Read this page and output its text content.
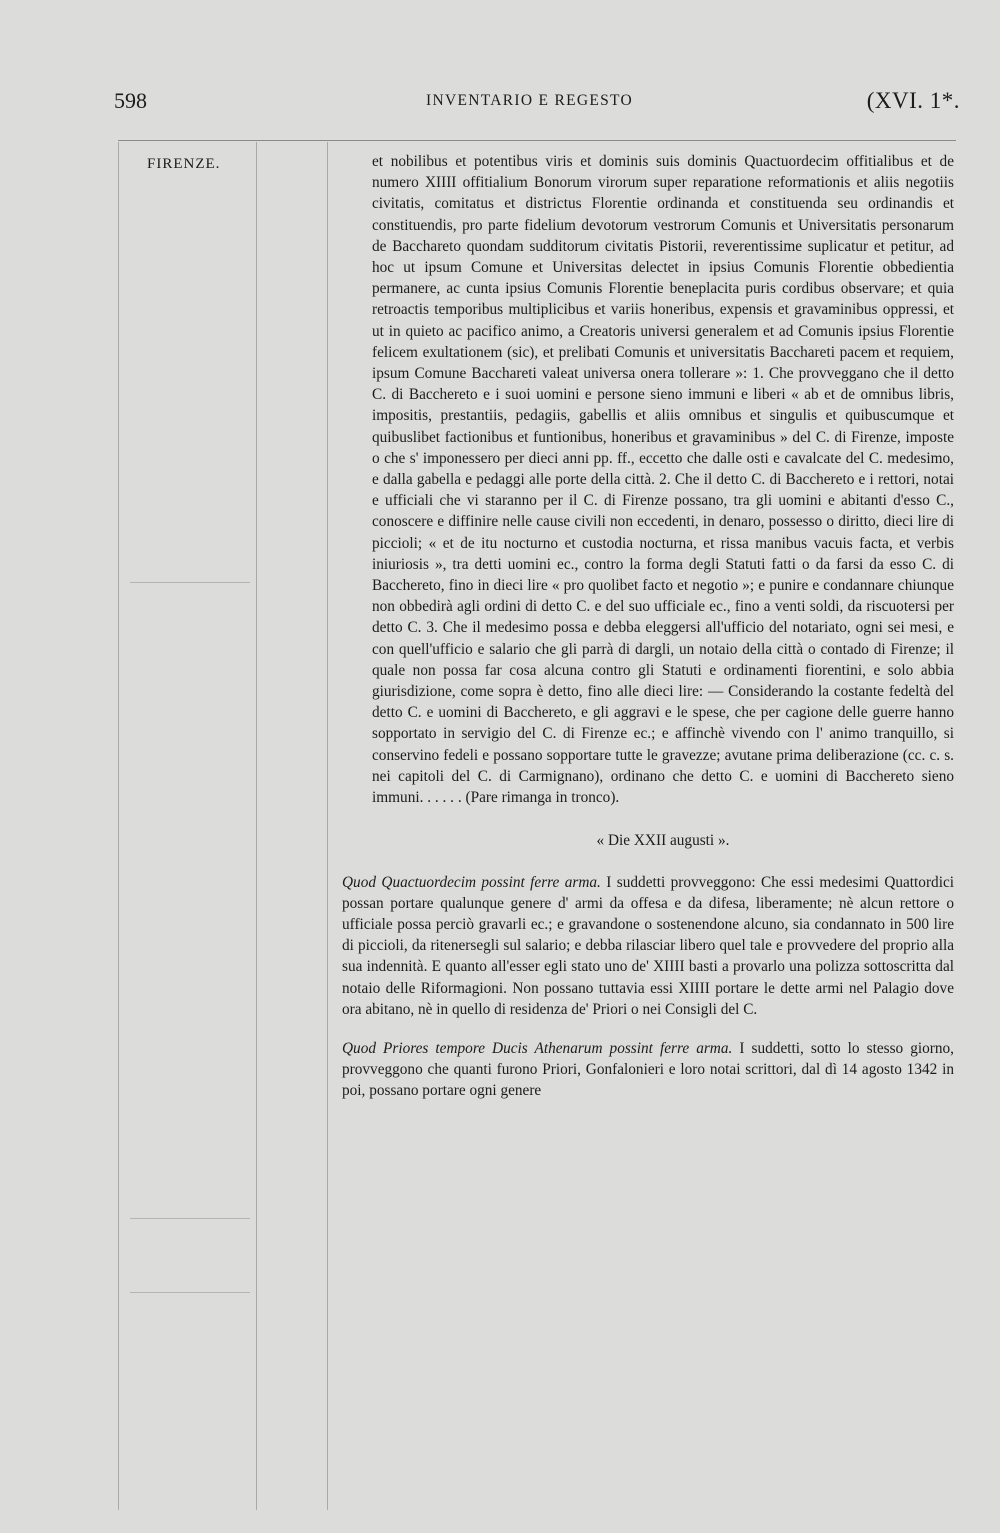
598	INVENTARIO E REGESTO	(XVI. 1*.
FIRENZE.	et nobilibus et potentibus viris et dominis suis dominis Quactuordecim offitialibus et de numero XIIII offitialium Bonorum virorum super reparatione reformationis et aliis negotiis civitatis, comitatus et districtus Florentie ordinanda et constituenda seu ordinandis et constituendis, pro parte fidelium devotorum vestrorum Comunis et Universitatis personarum de Bacchareto quondam sudditorum civitatis Pistorii, reverentissime suplicatur et petitur, ad hoc ut ipsum Comune et Universitas delectet in ipsius Comunis Florentie obbedientia permanere, ac cunta ipsius Comunis Florentie beneplacita puris cordibus observare; et quia retroactis temporibus multiplicibus et variis honeribus, expensis et gravaminibus oppressi, et ut in quieto ac pacifico animo, a Creatoris universi generalem et ad Comunis ipsius Florentie felicem exultationem (sic), et prelibati Comunis et universitatis Bacchareti pacem et requiem, ipsum Comune Bacchareti valeat universa onera tollerare »: 1. Che provveggano che il detto C. di Bacchereto e i suoi uomini e persone sieno immuni e liberi « ab et de omnibus libris, impositis, prestantiis, pedagiis, gabellis et aliis omnibus et singulis et quibuscumque et quibuslibet factionibus et funtionibus, honeribus et gravaminibus » del C. di Firenze, imposte o che s' imponessero per dieci anni pp. ff., eccetto che dalle osti e cavalcate del C. medesimo, e dalla gabella e pedaggi alle porte della città. 2. Che il detto C. di Bacchereto e i rettori, notai e ufficiali che vi staranno per il C. di Firenze possano, tra gli uomini e abitanti d'esso C., conoscere e diffinire nelle cause civili non eccedenti, in denaro, possesso o diritto, dieci lire di piccioli; « et de itu nocturno et custodia nocturna, et rissa manibus vacuis facta, et verbis iniuriosis », tra detti uomini ec., contro la forma degli Statuti fatti o da farsi da esso C. di Bacchereto, fino in dieci lire « pro quolibet facto et negotio »; e punire e condannare chiunque non obbedirà agli ordini di detto C. e del suo ufficiale ec., fino a venti soldi, da riscuotersi per detto C. 3. Che il medesimo possa e debba eleggersi all'ufficio del notariato, ogni sei mesi, e con quell'ufficio e salario che gli parrà di dargli, un notaio della città o contado di Firenze; il quale non possa far cosa alcuna contro gli Statuti e ordinamenti fiorentini, e solo abbia giurisdizione, come sopra è detto, fino alle dieci lire: — Considerando la costante fedeltà del detto C. e uomini di Bacchereto, e gli aggravi e le spese, che per cagione delle guerre hanno sopportato in servigio del C. di Firenze ec.; e affinchè vivendo con l' animo tranquillo, si conservino fedeli e possano sopportare tutte le gravezze; avutane prima deliberazione (cc. c. s. nei capitoli del C. di Carmignano), ordinano che detto C. e uomini di Bacchereto sieno immuni. . . . . . (Pare rimanga in tronco).

« Die XXII augusti ».

Quod Quactuordecim possint ferre arma. I suddetti provveggono: Che essi medesimi Quattordici possan portare qualunque genere d' armi da offesa e da difesa, liberamente; nè alcun rettore o ufficiale possa perciò gravarli ec.; e gravandone o sostenendone alcuno, sia condannato in 500 lire di piccioli, da ritenersegli sul salario; e debba rilasciar libero quel tale e provvedere del proprio alla sua indennità. E quanto all'esser egli stato uno de' XIIII basti a provarlo una polizza sottoscritta dal notaio delle Riformagioni. Non possano tuttavia essi XIIII portare le dette armi nel Palagio dove ora abitano, nè in quello di residenza de' Priori o nei Consigli del C.

Quod Priores tempore Ducis Athenarum possint ferre arma. I suddetti, sotto lo stesso giorno, provveggono che quanti furono Priori, Gonfalonieri e loro notai scrittori, dal dì 14 agosto 1342 in poi, possano portare ogni genere
